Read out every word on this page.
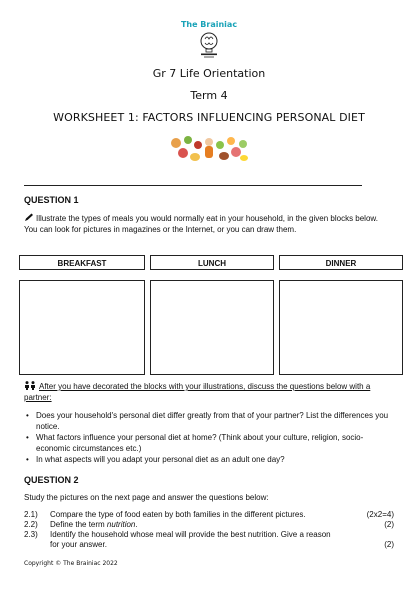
The Brainiac
Gr 7 Life Orientation
Term 4
WORKSHEET 1: FACTORS INFLUENCING PERSONAL DIET
QUESTION 1
Illustrate the types of meals you would normally eat in your household, in the given blocks below. You can look for pictures in magazines or the Internet, or you can draw them.
BREAKFAST	LUNCH	DINNER
After you have decorated the blocks with your illustrations, discuss the questions below with a partner:
• Does your household's personal diet differ greatly from that of your partner? List the differences you notice.
• What factors influence your personal diet at home? (Think about your culture, religion, socio-economic circumstances etc.)
• In what aspects will you adapt your personal diet as an adult one day?
QUESTION 2
Study the pictures on the next page and answer the questions below:
2.1)	Compare the type of food eaten by both families in the different pictures.	(2x2=4)
2.2)	Define the term nutrition.	(2)
2.3)	Identify the household whose meal will provide the best nutrition. Give a reason for your answer.	(2)
Copyright © The Brainiac 2022
